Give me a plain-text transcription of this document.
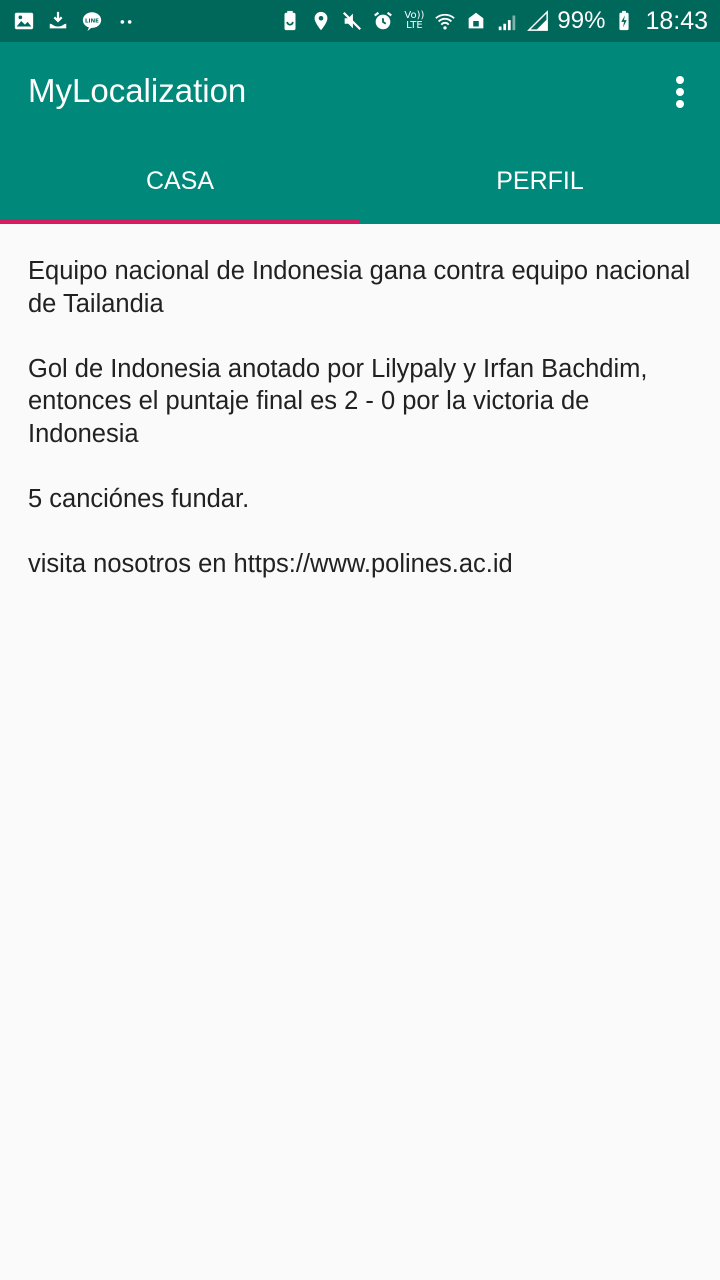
LINE
Vo))
LTE	99% 18:43
MyLocalization
CASA	PERFIL

Equipo nacional de Indonesia gana contra equipo nacional de Tailandia

Gol de Indonesia anotado por Lilypaly y Irfan Bachdim, entonces el puntaje final es 2 - 0 por la victoria de Indonesia

5 canciónes fundar.

visita nosotros en https://www.polines.ac.id
